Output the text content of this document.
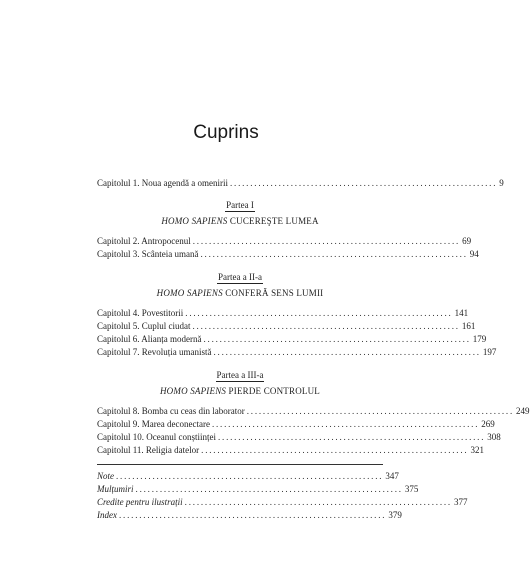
Cuprins
Capitolul 1. Noua agendă a omenirii .................................................................. 9
Partea I
HOMO SAPIENS CUCEREŞTE LUMEA
Capitolul 2. Antropocenul .................................................................. 69
Capitolul 3. Scânteia umană .................................................................. 94
Partea a II-a
HOMO SAPIENS CONFERĂ SENS LUMII
Capitolul 4. Povestitorii .................................................................. 141
Capitolul 5. Cuplul ciudat .................................................................. 161
Capitolul 6. Alianța modernă .................................................................. 179
Capitolul 7. Revoluția umanistă .................................................................. 197
Partea a III-a
HOMO SAPIENS PIERDE CONTROLUL
Capitolul 8. Bomba cu ceas din laborator .................................................................. 249
Capitolul 9. Marea deconectare .................................................................. 269
Capitolul 10. Oceanul conștiinței .................................................................. 308
Capitolul 11. Religia datelor .................................................................. 321
Note .................................................................. 347
Mulțumiri .................................................................. 375
Credite pentru ilustrații .................................................................. 377
Index .................................................................. 379
